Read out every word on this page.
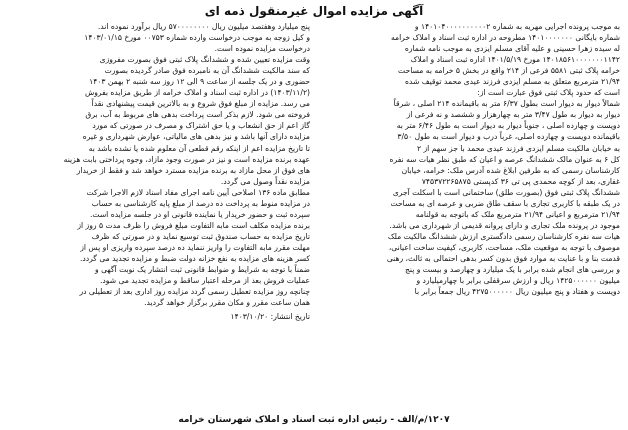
آگهی مزایده اموال غیرمنقول ذمه ای

به موجب پرونده اجرایی مهریه به شماره ۱۴۰۱۰۴۰۰۰۰۰۰۰۰۰۰۲ و

شماره بایگانی ۱۴۰۱۰۰۰۰۰۰۰ مطروحه در اداره ثبت اسناد و املاک خرامه

له سیده زهرا حسینی و علیه آقای مسلم ایزدی به موجب نامه شماره

۱۴۰۱۸۵۶۱۰۰۰۰۰۰۰۱۱۴۲ مورخ ۱۴۰۱/۵/۱۹ اداره ثبت اسناد و املاک

خرامه پلاک ثبتی ۵۵۸۱ فرعی از ۲۱۴ واقع در بخش ۵ خرامه به مساحت

۲۱/۹۴ مترمربع متعلق به مسلم ایزدی فرزند عیدی محمد توقیف شده

است که حدود پلاک ثبتی فوق عبارت است از:

شمالاً دیوار به دیوار است بطول ۶/۳۷ متر به باقیمانده ۲۱۴ اصلی ، شرقاً

دیوار به دیوار به طول ۳/۴۷ متر به چهارهزار و ششصد و نه فرعی از

دویست و چهارده اصلی ، جنوباً دیوار به دیوار است به طول ۶/۴۶ متر به

باقیمانده دویست و چهارده اصلی، غرباً درب و دیوار است به طول ۳/۵۰

به خیابان مالکیت مسلم ایزدی فرزند عیدی محمد با جز سهم از ۲

کل ۶ به عنوان مالک ششدانگ عرصه و اعیان که طبق نظر هیات سه نفره

کارشناسان رسمی که به طرفین ابلاغ شده آدرس ملک: خرامه، خیابان

غفاری، بعد از کوچه محمدی پی تی ۳۶ کدپستی ۷۴۵۳۷۲۲۶۵۸۷۵

ششدانگ پلاک ثبتی فوق (بصورت طلق) ساختمانی است با اسکلت آجری

در یک طبقه با کاربری تجاری با سقف طاق ضربی و عرصه ای به مساحت

۲۱/۹۴ مترمربع و اعیانی ۲۱/۹۴ مترمربع ملک که باتوجه به قولنامه

موجود در پرونده ملک تجاری و دارای پروانه قدیمی از شهرداری می باشد.

هیات سه نفره کارشناسان رسمی دادگستری ارزش ششدانگ مالکیت ملک

موصوف با توجه به موقعیت ملک، مساحت، کاربری، کیفیت ساخت اعیانی،

قدمت بنا و با عنایت به موارد فوق بدون کسر بدهی احتمالی به ثالث، رهنی

و بررسی های انجام شده برابر با یک میلیارد و چهارصد و بیست و پنج

میلیون ۱۴۲۵۰۰۰۰۰۰ ریال و ارزش سرقفلی برابر با چهارمیلیارد و

دویست و هفتاد و پنج میلیون ریال ۴۲۷۵۰۰۰۰۰۰ ریال جمعاً برابر با

پنج میلیارد وهفتصد میلیون ریال ۵۷۰۰۰۰۰۰۰۰ ریال برآورد نموده اند.

و کیل زوجه به موجب درخواست وارده شماره ۰۰۷۵۳ مورخ ۱۴۰۳/۰۱/۱۵

درخواست مزایده نموده است.

وقت مزایده تعیین شده و ششدانگ پلاک ثبتی فوق بصورت مفروزی

که سند مالکیت ششدانگ آن به نامبرده فوق صادر گردیده بصورت

حضوری و در یک جلسه از ساعت ۹ الی ۱۲ روز سه شنبه ۲ بهمن ۱۴۰۳

(۱۴۰۳/۱۱/۲) در اداره ثبت اسناد و املاک خرامه از طریق مزایده بفروش

می رسد. مزایده از مبلغ فوق شروع و به بالاترین قیمت پیشنهادی نقداً

فروخته می شود. لازم بذکر است پرداخت بدهی های مربوط به آب، برق

گاز اعم از حق انشعاب و یا حق اشتراک و مصرف در صورتی که مورد

مزایده دارای آنها باشد و نیز بدهی های مالیاتی، عوارض شهرداری و غیره

تا تاریخ مزایده اعم از اینکه رقم قطعی آن معلوم شده یا نشده باشد به

عهده برنده مزایده است و نیز در صورت وجود مازاد، وجوه پرداختی بابت هزینه

های فوق از محل مازاد به برنده مزایده مسترد خواهد شد و فقط از خریدار

مزایده نقداً وصول می گردد.

مطابق ماده ۱۳۶ اصلاحی آیین نامه اجرای مفاد اسناد لازم الاجرا شرکت

در مزایده منوط به پرداخت ده درصد از مبلغ پایه کارشناسی به حساب

سپرده ثبت و حضور خریدار یا نماینده قانونی او در جلسه مزایده است.

برنده مزایده مکلف است مابه التفاوت مبلغ فروش را ظرف مدت ۵ روز از

تاریخ مزایده به حساب صندوق ثبت توسیع نماید و در صورتی که ظرف

مهلت مقرر مابه التفاوت را واریز ننماید ده درصد سپرده واریزی او پس از

کسر هزینه های مزایده به نفع خزانه دولت ضبط و مزایده تجدید می گردد.

ضمناً با توجه به شرایط و ضوابط قانونی ثبت انتشار یک نوبت آگهی و

عملیات فروش بعد از مرحله اعتبار ساقط و مزایده تجدید می شود.

چنانچه روز مزایده تعطیل رسمی گردد مزایده روز اداری بعد از تعطیلی در

همان ساعت مقرر و مکان مقرر برگزار خواهد گردید.

تاریخ انتشار: ۱۴۰۳/۱۰/۲۰
۱۲۰۷/م/الف - رئیس اداره ثبت اسناد و املاک شهرستان خرامه
